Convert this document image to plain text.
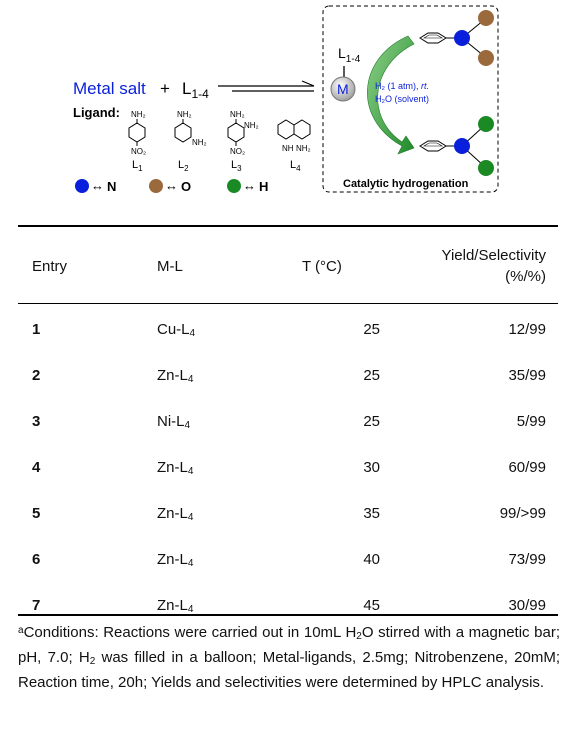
Metal salt + $L_{1-4}$
Ligand: NH₂
NO₂
$L_1$
NH₂
NH₂
$L_2$
NH₂
NH₂
NO₂
$L_3$
NH NH₂
$L_4$
↔ N	↔ O	↔ H
$L_{1-4}$
M	H₂ (1 atm), rt.
H₂O (solvent)
Catalytic hydrogenation
Entry	M-L	T (°C)	Yield/Selectivity
(%/%)

1	$Cu-L_4$	25	12/99
2	$Zn-L_4$	25	35/99
3	$Ni-L_4$	25	5/99
4	$Zn-L_4$	30	60/99
5	$Zn-L_4$	35	99/>99
6	$Zn-L_4$	40	73/99
7	$Zn-L_4$	45	30/99
$^a$Conditions: Reactions were carried out in 10mL $H_2O$ stirred with a magnetic bar; pH, 7.0; $H_2$ was filled in a balloon; Metal-ligands, 2.5mg; Nitrobenzene, 20mM; Reaction time, 20h; Yields and selectivities were determined by HPLC analysis.
